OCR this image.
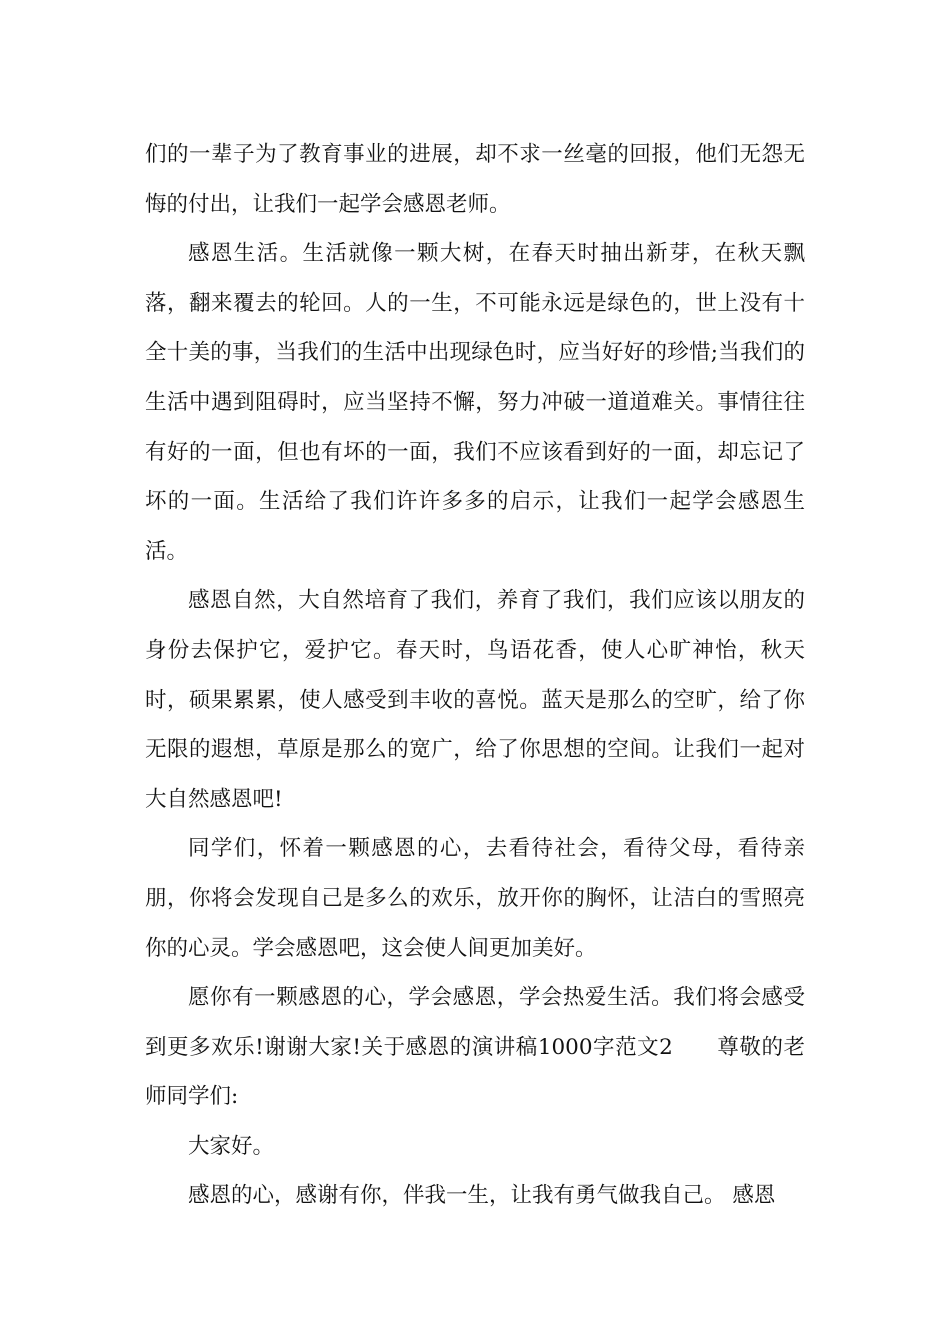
们的一辈子为了教育事业的进展，却不求一丝毫的回报，他们无怨无悔的付出，让我们一起学会感恩老师。

感恩生活。生活就像一颗大树，在春天时抽出新芽，在秋天飘落，翻来覆去的轮回。人的一生，不可能永远是绿色的，世上没有十全十美的事，当我们的生活中出现绿色时，应当好好的珍惜;当我们的生活中遇到阻碍时，应当坚持不懈，努力冲破一道道难关。事情往往有好的一面，但也有坏的一面，我们不应该看到好的一面，却忘记了坏的一面。生活给了我们许许多多的启示，让我们一起学会感恩生活。

感恩自然，大自然培育了我们，养育了我们，我们应该以朋友的身份去保护它，爱护它。春天时，鸟语花香，使人心旷神怡，秋天时，硕果累累，使人感受到丰收的喜悦。蓝天是那么的空旷，给了你无限的遐想，草原是那么的宽广，给了你思想的空间。让我们一起对大自然感恩吧!

同学们，怀着一颗感恩的心，去看待社会，看待父母，看待亲朋，你将会发现自己是多么的欢乐，放开你的胸怀，让洁白的雪照亮你的心灵。学会感恩吧，这会使人间更加美好。

愿你有一颗感恩的心，学会感恩，学会热爱生活。我们将会感受到更多欢乐!谢谢大家!关于感恩的演讲稿1000字范文2　　尊敬的老师同学们:

大家好。

感恩的心，感谢有你，伴我一生，让我有勇气做我自己。 感恩
